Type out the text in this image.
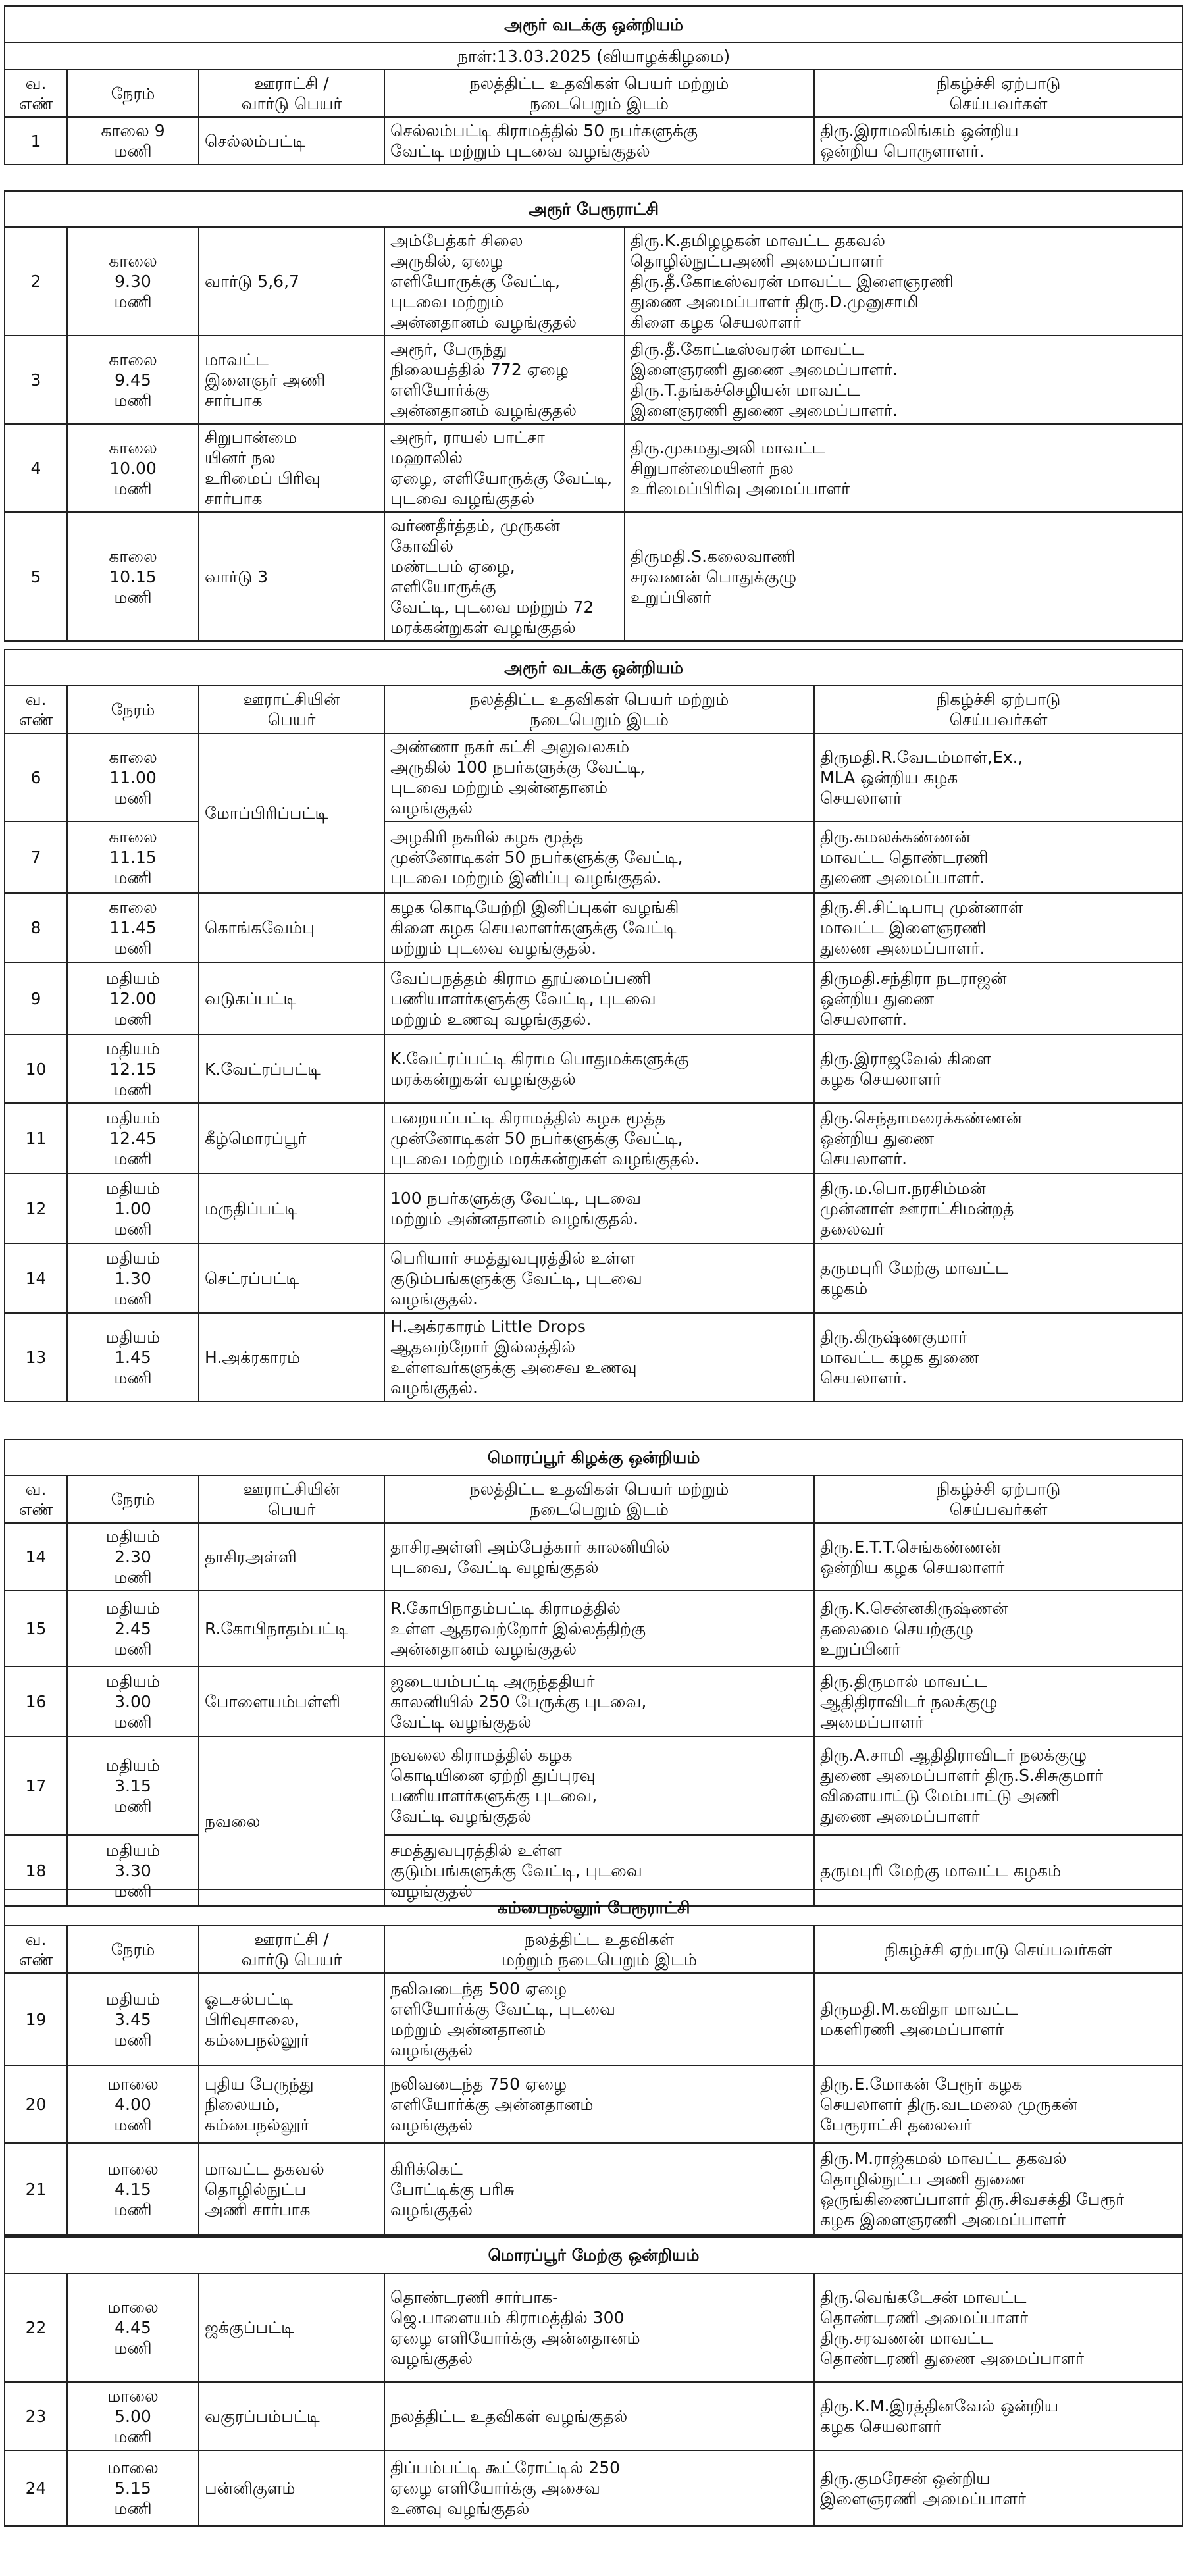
அரூர் வடக்கு ஒன்றியம்				
நாள்:13.03.2025 (வியாழக்கிழமை)				
வ.
எண்	நேரம்	ஊராட்சி /
வார்டு பெயர்	நலத்திட்ட உதவிகள் பெயர் மற்றும்
நடைபெறும் இடம்	நிகழ்ச்சி ஏற்பாடு
செய்பவர்கள்
1	காலை 9
மணி	செல்லம்பட்டி	செல்லம்பட்டி கிராமத்தில் 50 நபர்களுக்கு
வேட்டி மற்றும் புடவை வழங்குதல்	திரு.இராமலிங்கம் ஒன்றிய
ஒன்றிய பொருளாளர்.
அரூர் பேரூராட்சி				
2	காலை
9.30
மணி	வார்டு 5,6,7	அம்பேத்கர் சிலை
அருகில், ஏழை
எளியோருக்கு வேட்டி,
புடவை மற்றும்
அன்னதானம் வழங்குதல்	திரு.K.தமிழழகன் மாவட்ட தகவல்
தொழில்நுட்பஅணி அமைப்பாளர்
திரு.தீ.கோடீஸ்வரன் மாவட்ட இளைஞரணி
துணை அமைப்பாளர் திரு.D.முனுசாமி
கிளை கழக செயலாளர்
3	காலை
9.45
மணி	மாவட்ட
இளைஞர் அணி
சார்பாக	அரூர், பேருந்து
நிலையத்தில் 772 ஏழை
எளியோர்க்கு
அன்னதானம் வழங்குதல்	திரு.தீ.கோட்டீஸ்வரன் மாவட்ட
இளைஞரணி துணை அமைப்பாளர்.
திரு.T.தங்கச்செழியன் மாவட்ட
இளைஞரணி துணை அமைப்பாளர்.
4	காலை
10.00
மணி	சிறுபான்மை
யினர் நல
உரிமைப் பிரிவு
சார்பாக	அரூர், ராயல் பாட்சா மஹாலில்
ஏழை, எளியோருக்கு வேட்டி,
புடவை வழங்குதல்	திரு.முகமதுஅலி மாவட்ட
சிறுபான்மையினர் நல
உரிமைப்பிரிவு அமைப்பாளர்
5	காலை
10.15
மணி	வார்டு 3	வர்ணதீர்த்தம், முருகன் கோவில்
மண்டபம் ஏழை, எளியோருக்கு
வேட்டி, புடவை மற்றும் 72
மரக்கன்றுகள் வழங்குதல்	திருமதி.S.கலைவாணி
சரவணன் பொதுக்குழு
உறுப்பினர்
அரூர் வடக்கு ஒன்றியம்				
வ.
எண்	நேரம்	ஊராட்சியின்
பெயர்	நலத்திட்ட உதவிகள் பெயர் மற்றும்
நடைபெறும் இடம்	நிகழ்ச்சி ஏற்பாடு
செய்பவர்கள்
6	காலை
11.00
மணி	மோப்பிரிப்பட்டி	அண்ணா நகர் கட்சி அலுவலகம்
அருகில் 100 நபர்களுக்கு வேட்டி,
புடவை மற்றும் அன்னதானம்
வழங்குதல்	திருமதி.R.வேடம்மாள்,Ex.,
MLA ஒன்றிய கழக
செயலாளர்
7	காலை
11.15
மணி		அழகிரி நகரில் கழக மூத்த
முன்னோடிகள் 50 நபர்களுக்கு வேட்டி,
புடவை மற்றும் இனிப்பு வழங்குதல்.	திரு.கமலக்கண்ணன்
மாவட்ட தொண்டரணி
துணை அமைப்பாளர்.
8	காலை
11.45
மணி	கொங்கவேம்பு	கழக கொடியேற்றி இனிப்புகள் வழங்கி
கிளை கழக செயலாளர்களுக்கு வேட்டி
மற்றும் புடவை வழங்குதல்.	திரு.சி.சிட்டிபாபு முன்னாள்
மாவட்ட இளைஞரணி
துணை அமைப்பாளர்.
9	மதியம்
12.00
மணி	வடுகப்பட்டி	வேப்பநத்தம் கிராம தூய்மைப்பணி
பணியாளர்களுக்கு வேட்டி, புடவை
மற்றும் உணவு வழங்குதல்.	திருமதி.சந்திரா நடராஜன்
ஒன்றிய துணை
செயலாளர்.
10	மதியம்
12.15
மணி	K.வேட்ரப்பட்டி	K.வேட்ரப்பட்டி கிராம பொதுமக்களுக்கு
மரக்கன்றுகள் வழங்குதல்	திரு.இராஜவேல் கிளை
கழக செயலாளர்
11	மதியம்
12.45
மணி	கீழ்மொரப்பூர்	பறையப்பட்டி கிராமத்தில் கழக மூத்த
முன்னோடிகள் 50 நபர்களுக்கு வேட்டி,
புடவை மற்றும் மரக்கன்றுகள் வழங்குதல்.	திரு.செந்தாமரைக்கண்ணன்
ஒன்றிய துணை
செயலாளர்.
12	மதியம்
1.00
மணி	மருதிப்பட்டி	100 நபர்களுக்கு வேட்டி, புடவை
மற்றும் அன்னதானம் வழங்குதல்.	திரு.ம.பொ.நரசிம்மன்
முன்னாள் ஊராட்சிமன்றத்
தலைவர்
14	மதியம்
1.30
மணி	செட்ரப்பட்டி	பெரியார் சமத்துவபுரத்தில் உள்ள
குடும்பங்களுக்கு வேட்டி, புடவை
வழங்குதல்.	தருமபுரி மேற்கு மாவட்ட
கழகம்
13	மதியம்
1.45
மணி	H.அக்ரகாரம்	H.அக்ரகாரம் Little Drops
ஆதவற்றோர் இல்லத்தில்
உள்ளவர்களுக்கு அசைவ உணவு
வழங்குதல்.	திரு.கிருஷ்ணகுமார்
மாவட்ட கழக துணை
செயலாளர்.
மொரப்பூர் கிழக்கு ஒன்றியம்				
வ.
எண்	நேரம்	ஊராட்சியின்
பெயர்	நலத்திட்ட உதவிகள் பெயர் மற்றும்
நடைபெறும் இடம்	நிகழ்ச்சி ஏற்பாடு
செய்பவர்கள்
14	மதியம்
2.30
மணி	தாசிரஅள்ளி	தாசிரஅள்ளி அம்பேத்கார் காலனியில்
புடவை, வேட்டி வழங்குதல்	திரு.E.T.T.செங்கண்ணன்
ஒன்றிய கழக செயலாளர்
15	மதியம்
2.45
மணி	R.கோபிநாதம்பட்டி	R.கோபிநாதம்பட்டி கிராமத்தில்
உள்ள ஆதரவற்றோர் இல்லத்திற்கு
அன்னதானம் வழங்குதல்	திரு.K.சென்னகிருஷ்ணன்
தலைமை செயற்குழு
உறுப்பினர்
16	மதியம்
3.00
மணி	போளையம்பள்ளி	ஜடையம்பட்டி அருந்ததியர்
காலனியில் 250 பேருக்கு புடவை,
வேட்டி வழங்குதல்	திரு.திருமால் மாவட்ட
ஆதிதிராவிடர் நலக்குழு
அமைப்பாளர்
17	மதியம்
3.15
மணி	நவலை	நவலை கிராமத்தில் கழக
கொடியினை ஏற்றி துப்புரவு
பணியாளர்களுக்கு புடவை,
வேட்டி வழங்குதல்	திரு.A.சாமி ஆதிதிராவிடர் நலக்குழு
துணை அமைப்பாளர் திரு.S.சிசுகுமார்
விளையாட்டு மேம்பாட்டு அணி
துணை அமைப்பாளர்
18	மதியம்
3.30
மணி		சமத்துவபுரத்தில் உள்ள
குடும்பங்களுக்கு வேட்டி, புடவை
வழங்குதல்	தருமபுரி மேற்கு மாவட்ட கழகம்
கம்பைநல்லூர் பேரூராட்சி				
வ.
எண்	நேரம்	ஊராட்சி /
வார்டு பெயர்	நலத்திட்ட உதவிகள்
மற்றும் நடைபெறும் இடம்	நிகழ்ச்சி ஏற்பாடு செய்பவர்கள்
19	மதியம்
3.45
மணி	ஓடசல்பட்டி
பிரிவுசாலை,
கம்பைநல்லூர்	நலிவடைந்த 500 ஏழை
எளியோர்க்கு வேட்டி, புடவை
மற்றும் அன்னதானம்
வழங்குதல்	திருமதி.M.கவிதா மாவட்ட
மகளிரணி அமைப்பாளர்
20	மாலை
4.00
மணி	புதிய பேருந்து
நிலையம்,
கம்பைநல்லூர்	நலிவடைந்த 750 ஏழை
எளியோர்க்கு அன்னதானம்
வழங்குதல்	திரு.E.மோகன் பேரூர் கழக
செயலாளர் திரு.வடமலை முருகன்
பேரூராட்சி தலைவர்
21	மாலை
4.15
மணி	மாவட்ட தகவல்
தொழில்நுட்ப
அணி சார்பாக	கிரிக்கெட்
போட்டிக்கு பரிசு
வழங்குதல்	திரு.M.ராஜ்கமல் மாவட்ட தகவல்
தொழில்நுட்ப அணி துணை
ஒருங்கிணைப்பாளர் திரு.சிவசக்தி பேரூர்
கழக இளைஞரணி அமைப்பாளர்
மொரப்பூர் மேற்கு ஒன்றியம்				
22	மாலை
4.45
மணி	ஜக்குப்பட்டி	தொண்டரணி சார்பாக-
ஜெ.பாளையம் கிராமத்தில் 300
ஏழை எளியோர்க்கு அன்னதானம்
வழங்குதல்	திரு.வெங்கடேசன் மாவட்ட
தொண்டரணி அமைப்பாளர்
திரு.சரவணன் மாவட்ட
தொண்டரணி துணை அமைப்பாளர்
23	மாலை
5.00
மணி	வகுரப்பம்பட்டி	நலத்திட்ட உதவிகள் வழங்குதல்	திரு.K.M.இரத்தினவேல் ஒன்றிய
கழக செயலாளர்
24	மாலை
5.15
மணி	பன்னிகுளம்	திப்பம்பட்டி கூட்ரோட்டில் 250
ஏழை எளியோர்க்கு அசைவ
உணவு வழங்குதல்	திரு.குமரேசன் ஒன்றிய
இளைஞரணி அமைப்பாளர்
